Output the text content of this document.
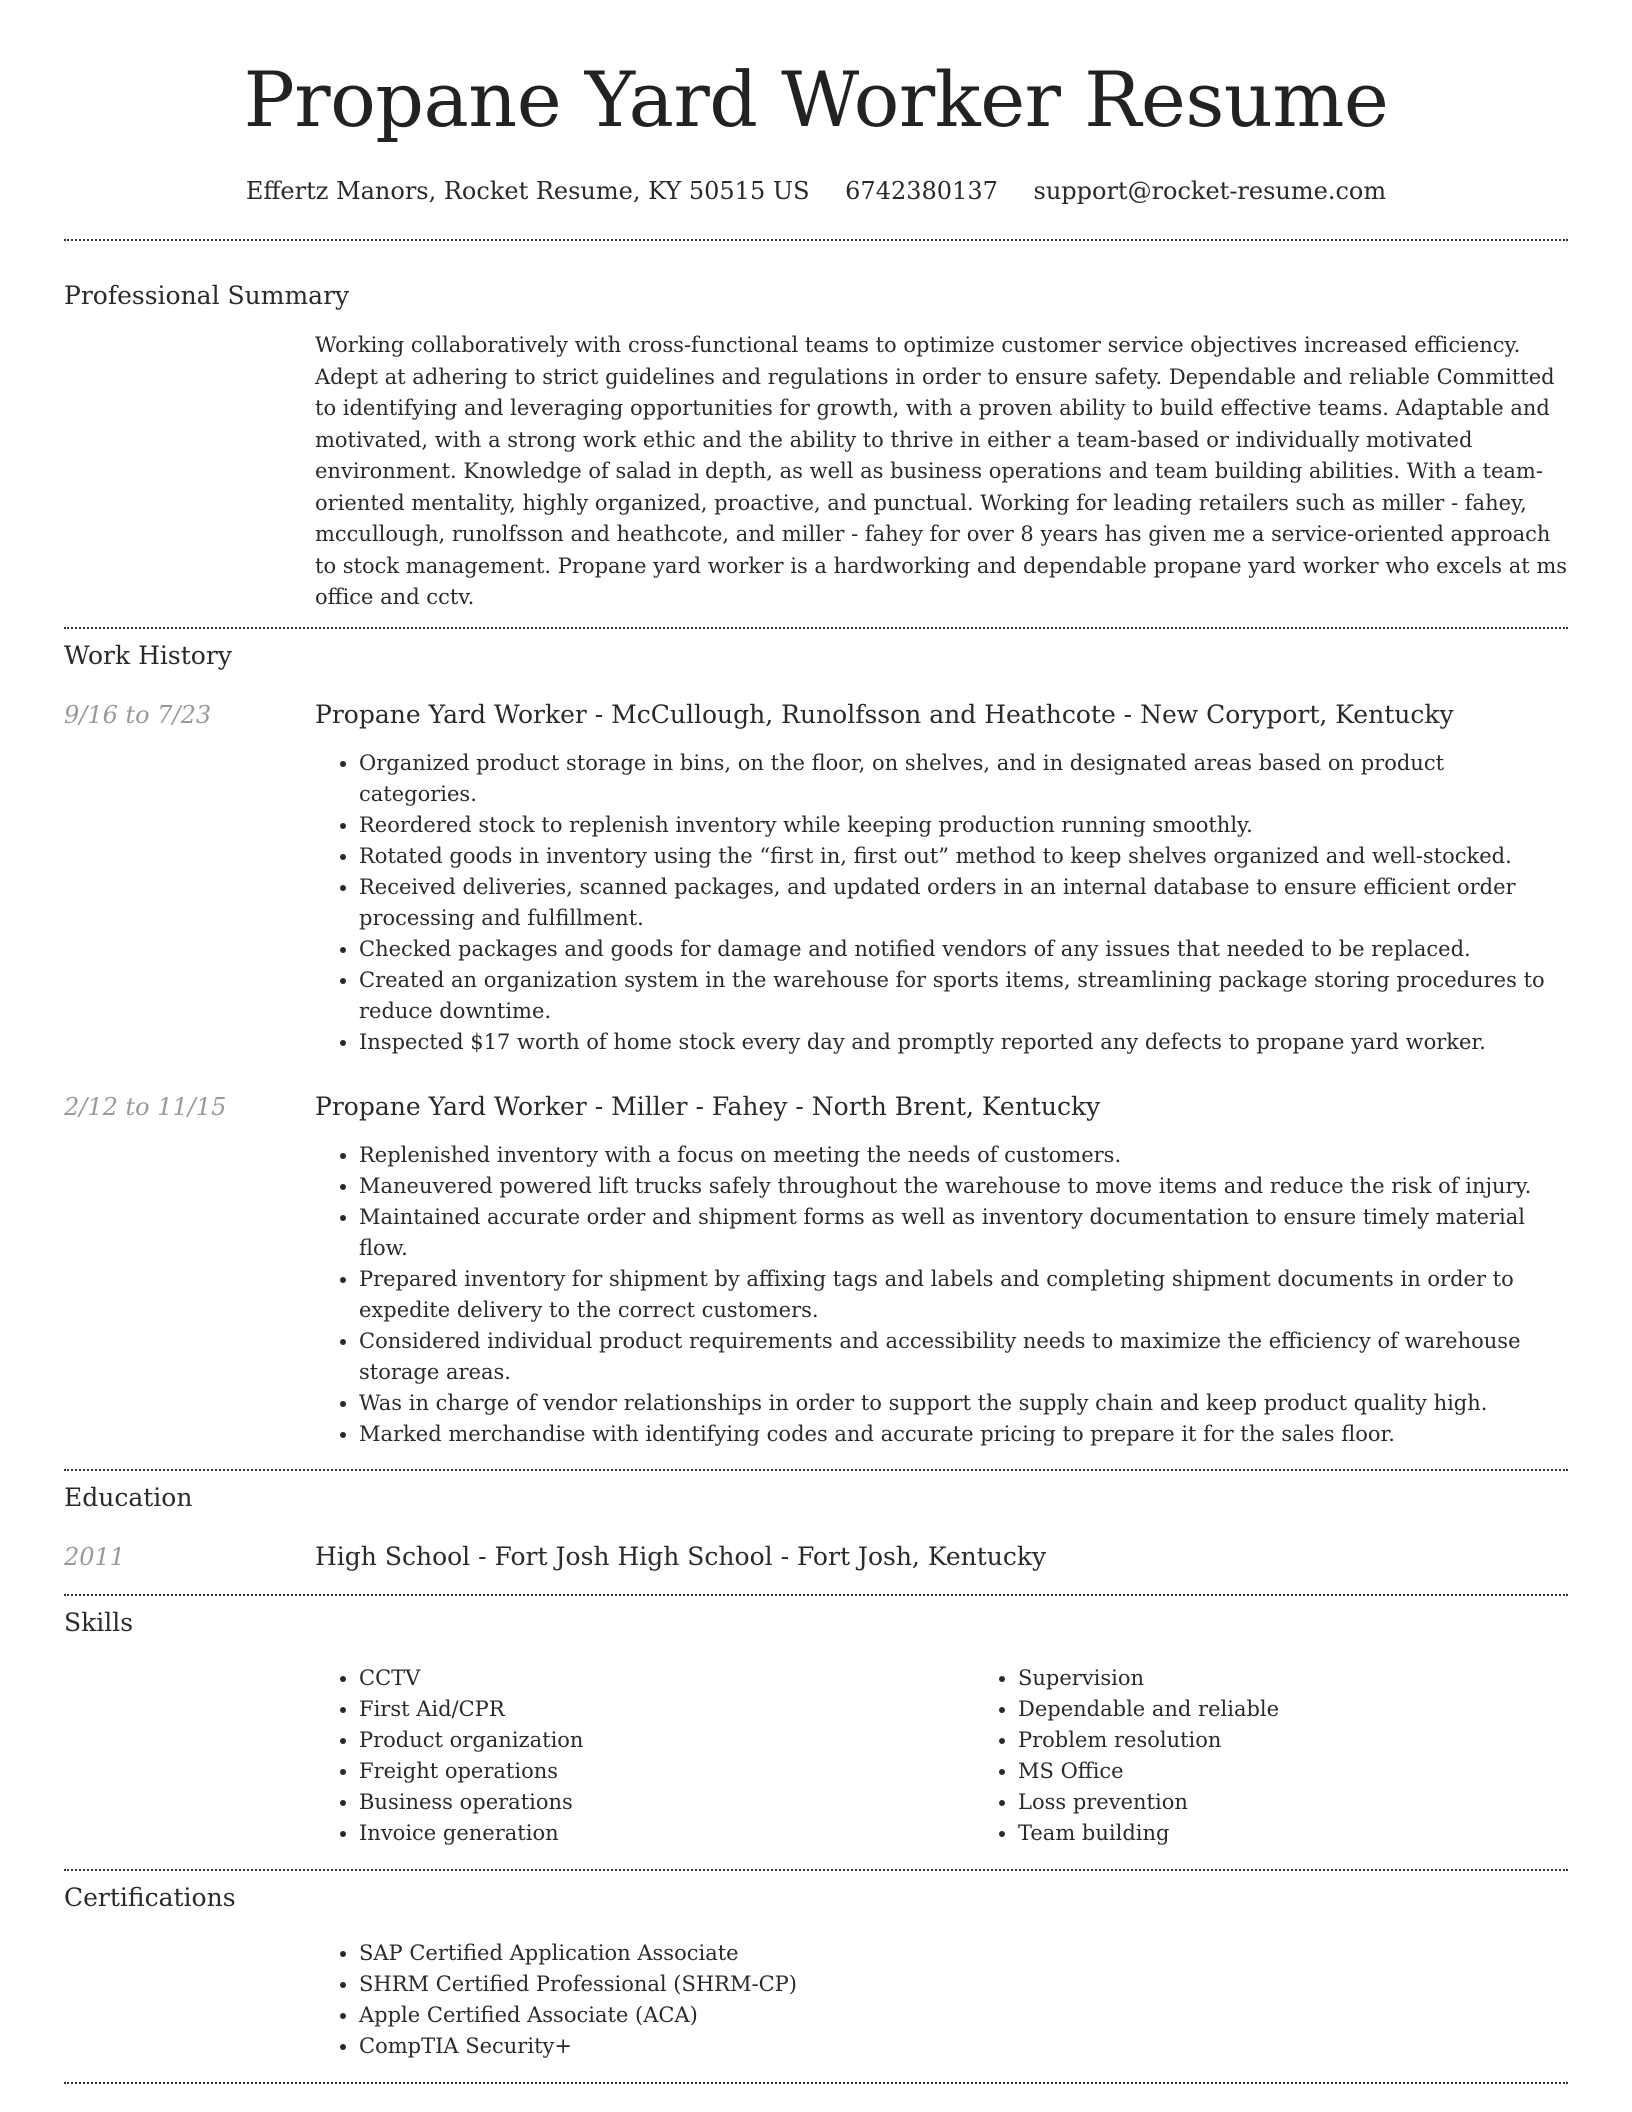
Propane Yard Worker Resume
Effertz Manors, Rocket Resume, KY 50515 US 6742380137 support@rocket-resume.com
Professional Summary
Working collaboratively with cross-functional teams to optimize customer service objectives increased efficiency. Adept at adhering to strict guidelines and regulations in order to ensure safety. Dependable and reliable Committed to identifying and leveraging opportunities for growth, with a proven ability to build effective teams. Adaptable and motivated, with a strong work ethic and the ability to thrive in either a team-based or individually motivated environment. Knowledge of salad in depth, as well as business operations and team building abilities. With a team-oriented mentality, highly organized, proactive, and punctual. Working for leading retailers such as miller - fahey, mccullough, runolfsson and heathcote, and miller - fahey for over 8 years has given me a service-oriented approach to stock management. Propane yard worker is a hardworking and dependable propane yard worker who excels at ms office and cctv.
Work History
9/16 to 7/23	Propane Yard Worker - McCullough, Runolfsson and Heathcote - New Coryport, Kentucky
• Organized product storage in bins, on the floor, on shelves, and in designated areas based on product categories.
• Reordered stock to replenish inventory while keeping production running smoothly.
• Rotated goods in inventory using the “first in, first out” method to keep shelves organized and well-stocked.
• Received deliveries, scanned packages, and updated orders in an internal database to ensure efficient order processing and fulfillment.
• Checked packages and goods for damage and notified vendors of any issues that needed to be replaced.
• Created an organization system in the warehouse for sports items, streamlining package storing procedures to reduce downtime.
• Inspected $17 worth of home stock every day and promptly reported any defects to propane yard worker.
2/12 to 11/15	Propane Yard Worker - Miller - Fahey - North Brent, Kentucky
• Replenished inventory with a focus on meeting the needs of customers.
• Maneuvered powered lift trucks safely throughout the warehouse to move items and reduce the risk of injury.
• Maintained accurate order and shipment forms as well as inventory documentation to ensure timely material flow.
• Prepared inventory for shipment by affixing tags and labels and completing shipment documents in order to expedite delivery to the correct customers.
• Considered individual product requirements and accessibility needs to maximize the efficiency of warehouse storage areas.
• Was in charge of vendor relationships in order to support the supply chain and keep product quality high.
• Marked merchandise with identifying codes and accurate pricing to prepare it for the sales floor.
Education
2011	High School - Fort Josh High School - Fort Josh, Kentucky
Skills
• CCTV
• First Aid/CPR
• Product organization
• Freight operations
• Business operations
• Invoice generation
• Supervision
• Dependable and reliable
• Problem resolution
• MS Office
• Loss prevention
• Team building
Certifications
• SAP Certified Application Associate
• SHRM Certified Professional (SHRM-CP)
• Apple Certified Associate (ACA)
• CompTIA Security+
